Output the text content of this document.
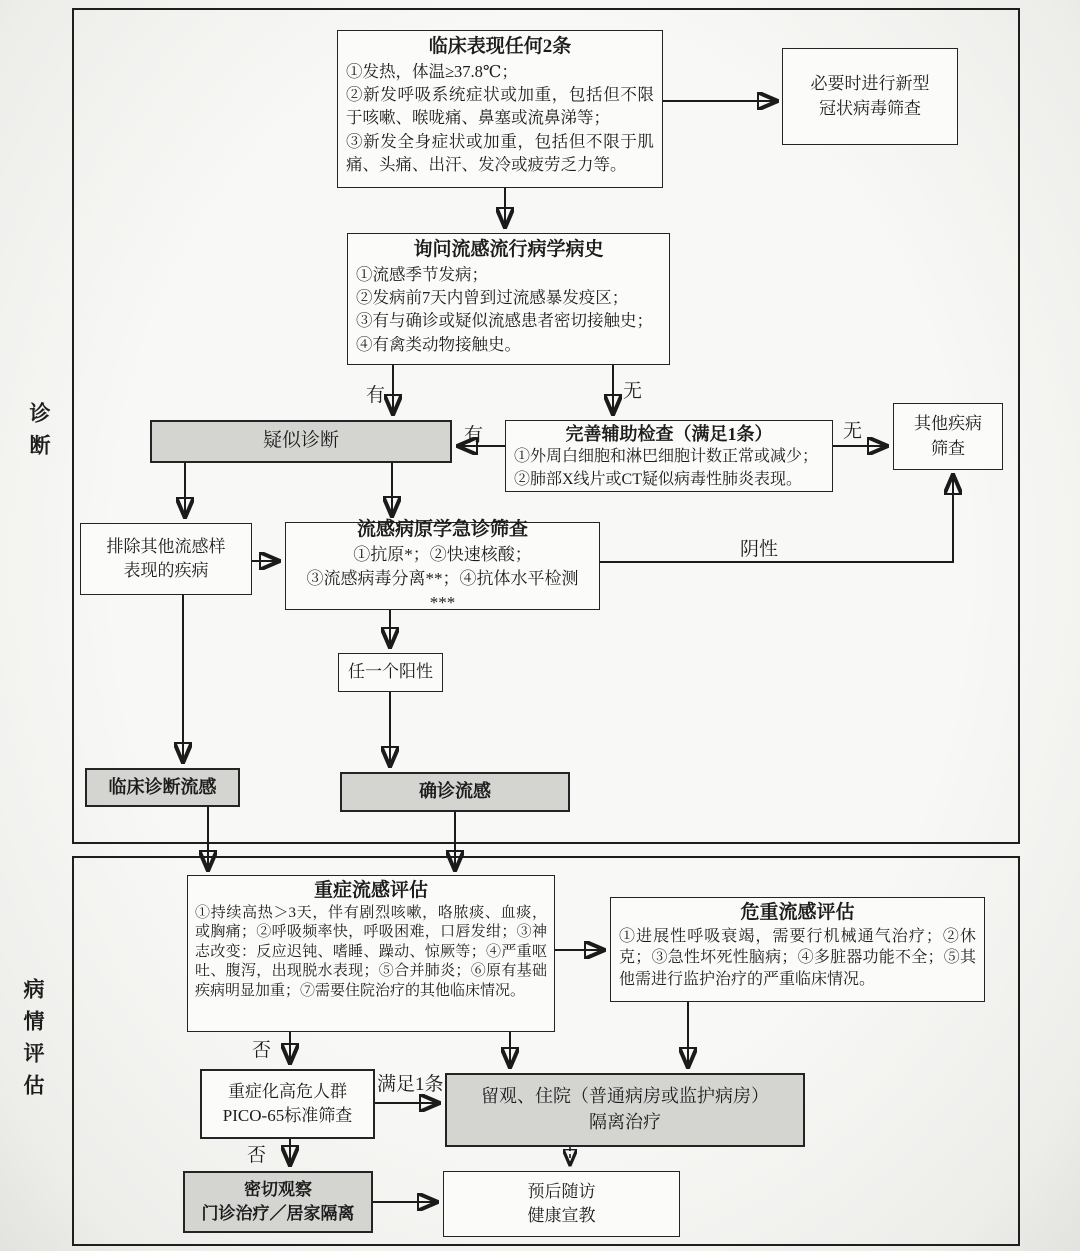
诊断
病情评估
临床表现任何2条
①发热，体温≥37.8℃；
②新发呼吸系统症状或加重，包括但不限于咳嗽、喉咙痛、鼻塞或流鼻涕等；
③新发全身症状或加重，包括但不限于肌痛、头痛、出汗、发冷或疲劳乏力等。
必要时进行新型
冠状病毒筛查
询问流感流行病学病史
①流感季节发病；
②发病前7天内曾到过流感暴发疫区；
③有与确诊或疑似流感患者密切接触史；
④有禽类动物接触史。
疑似诊断	完善辅助检查（满足1条）
①外周白细胞和淋巴细胞计数正常或减少；
②肺部X线片或CT疑似病毒性肺炎表现。
其他疾病
筛查
排除其他流感样
表现的疾病
流感病原学急诊筛查
①抗原*；②快速核酸；
③流感病毒分离**；④抗体水平检测***
任一个阳性
临床诊断流感	确诊流感
重症流感评估
①持续高热＞3天，伴有剧烈咳嗽，咯脓痰、血痰，或胸痛；②呼吸频率快，呼吸困难，口唇发绀；③神志改变：反应迟钝、嗜睡、躁动、惊厥等；④严重呕吐、腹泻，出现脱水表现；⑤合并肺炎；⑥原有基础疾病明显加重；⑦需要住院治疗的其他临床情况。
危重流感评估
①进展性呼吸衰竭，需要行机械通气治疗；②休克；③急性坏死性脑病；④多脏器功能不全；⑤其他需进行监护治疗的严重临床情况。
重症化高危人群
PICO-65标准筛查
留观、住院（普通病房或监护病房）
隔离治疗
密切观察
门诊治疗／居家隔离
预后随访
健康宣教
有	无
有	无
阴性
否
满足1条
否
